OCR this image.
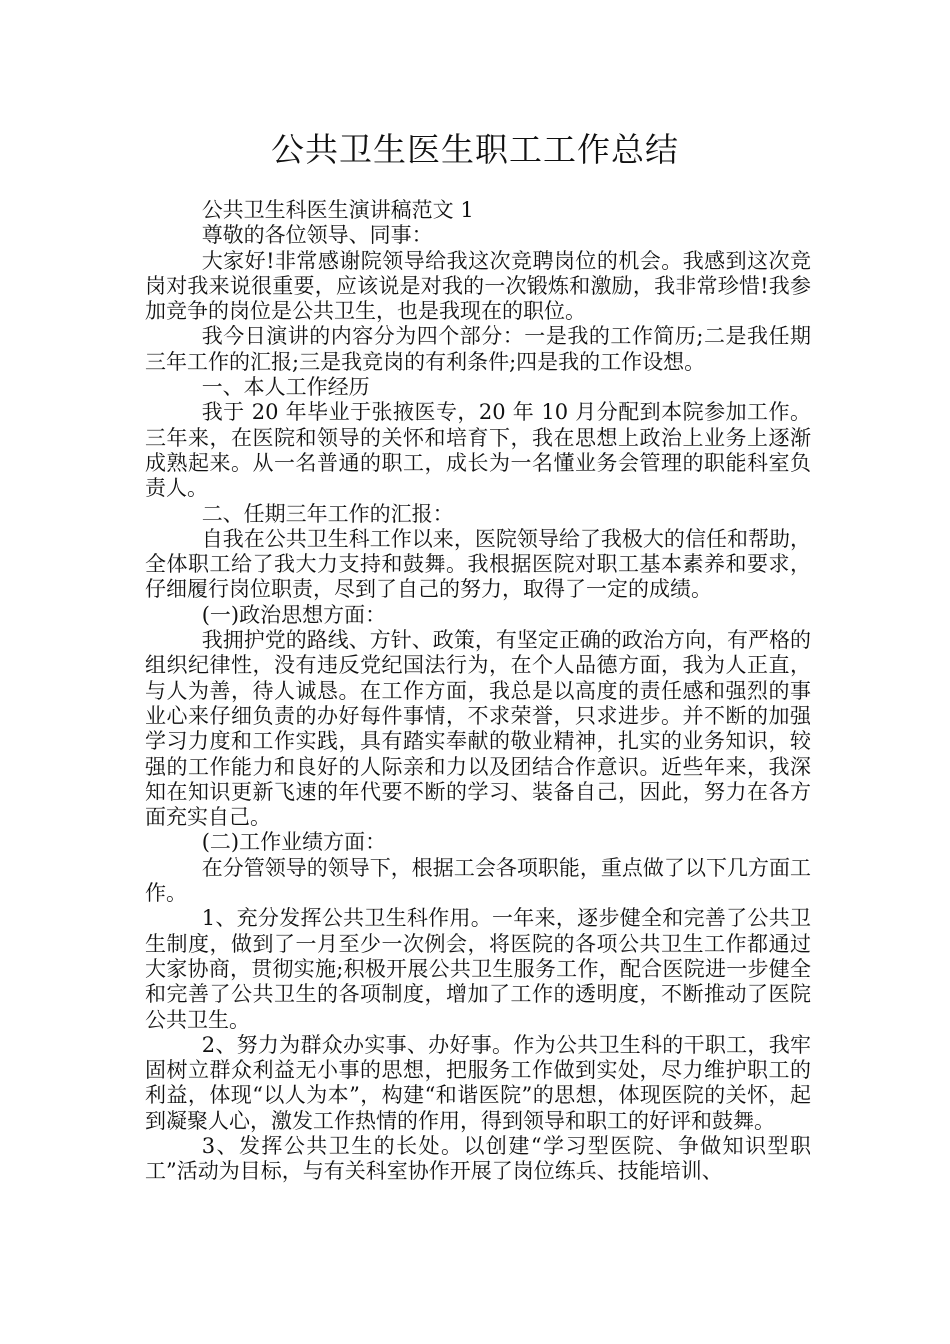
公共卫生医生职工工作总结

公共卫生科医生演讲稿范文 1

尊敬的各位领导、同事：

大家好!非常感谢院领导给我这次竞聘岗位的机会。我感到这次竞岗对我来说很重要，应该说是对我的一次锻炼和激励，我非常珍惜!我参加竞争的岗位是公共卫生，也是我现在的职位。

我今日演讲的内容分为四个部分：一是我的工作简历;二是我任期三年工作的汇报;三是我竞岗的有利条件;四是我的工作设想。

一、本人工作经历

我于 20 年毕业于张掖医专，20 年 10 月分配到本院参加工作。三年来，在医院和领导的关怀和培育下，我在思想上政治上业务上逐渐成熟起来。从一名普通的职工，成长为一名懂业务会管理的职能科室负责人。

二、任期三年工作的汇报：

自我在公共卫生科工作以来，医院领导给了我极大的信任和帮助，全体职工给了我大力支持和鼓舞。我根据医院对职工基本素养和要求，仔细履行岗位职责，尽到了自己的努力，取得了一定的成绩。

(一)政治思想方面：

我拥护党的路线、方针、政策，有坚定正确的政治方向，有严格的组织纪律性，没有违反党纪国法行为，在个人品德方面，我为人正直，与人为善，待人诚恳。在工作方面，我总是以高度的责任感和强烈的事业心来仔细负责的办好每件事情，不求荣誉，只求进步。并不断的加强学习力度和工作实践，具有踏实奉献的敬业精神，扎实的业务知识，较强的工作能力和良好的人际亲和力以及团结合作意识。近些年来，我深知在知识更新飞速的年代要不断的学习、装备自己，因此，努力在各方面充实自己。

(二)工作业绩方面：

在分管领导的领导下，根据工会各项职能，重点做了以下几方面工作。

1、充分发挥公共卫生科作用。一年来，逐步健全和完善了公共卫生制度，做到了一月至少一次例会，将医院的各项公共卫生工作都通过大家协商，贯彻实施;积极开展公共卫生服务工作，配合医院进一步健全和完善了公共卫生的各项制度，增加了工作的透明度，不断推动了医院公共卫生。

2、努力为群众办实事、办好事。作为公共卫生科的干职工，我牢固树立群众利益无小事的思想，把服务工作做到实处，尽力维护职工的利益，体现“以人为本”，构建“和谐医院”的思想，体现医院的关怀，起到凝聚人心，激发工作热情的作用，得到领导和职工的好评和鼓舞。

3、发挥公共卫生的长处。以创建“学习型医院、争做知识型职工”活动为目标，与有关科室协作开展了岗位练兵、技能培训、
